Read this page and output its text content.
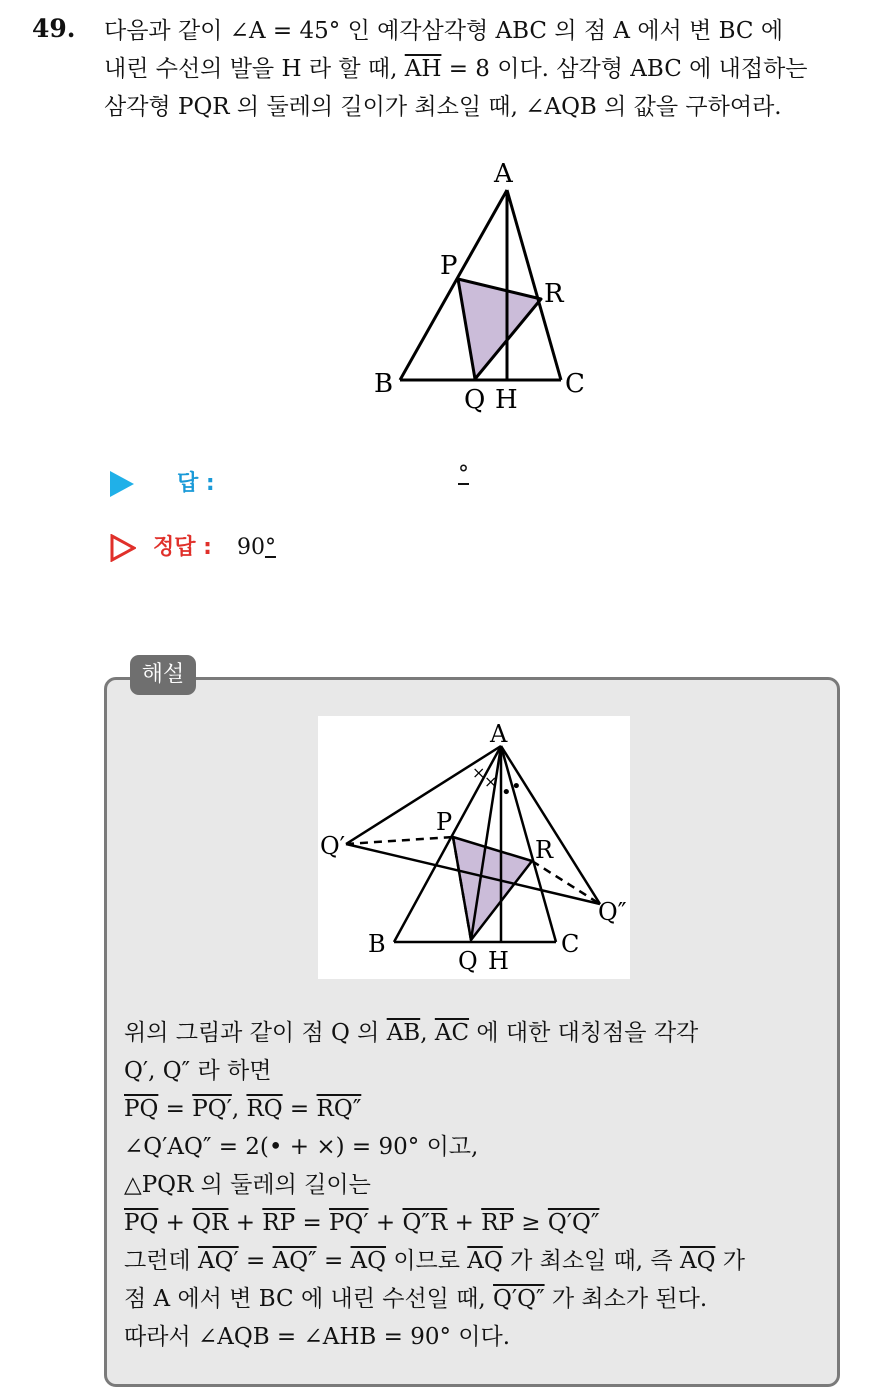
49. 다음과 같이 ∠A = 45° 인 예각삼각형 ABC 의 점 A 에서 변 BC 에
내린 수선의 발을 H 라 할 때, $\overline{AH} = 8$ 이다. 삼각형 ABC 에 내접하는
삼각형 PQR 의 둘레의 길이가 최소일 때, ∠AQB 의 값을 구하여라.
A
P
R
B	C
Q H
답 :	°
정답 : 90°
해설
×
×
• •
A
Q′
P
R
Q″
B	C
Q H
위의 그림과 같이 점 Q 의 $\overline{AB}$, $\overline{AC}$ 에 대한 대칭점을 각각
Q′, Q″ 라 하면
$\overline{PQ} = PQ'$, $\overline{RQ} = RQ''$
∠Q′AQ″ = 2(• + ×) = 90° 이고,
△PQR 의 둘레의 길이는
$\overline{PQ} + \overline{QR} + \overline{RP} = PQ' + Q''R + \overline{RP} \ge Q'Q''$
그런데 $AQ' = AQ'' = \overline{AQ}$ 이므로 $\overline{AQ}$ 가 최소일 때, 즉 $\overline{AQ}$ 가
점 A 에서 변 BC 에 내린 수선일 때, Q′Q″ 가 최소가 된다.
따라서 ∠AQB = ∠AHB = 90° 이다.
